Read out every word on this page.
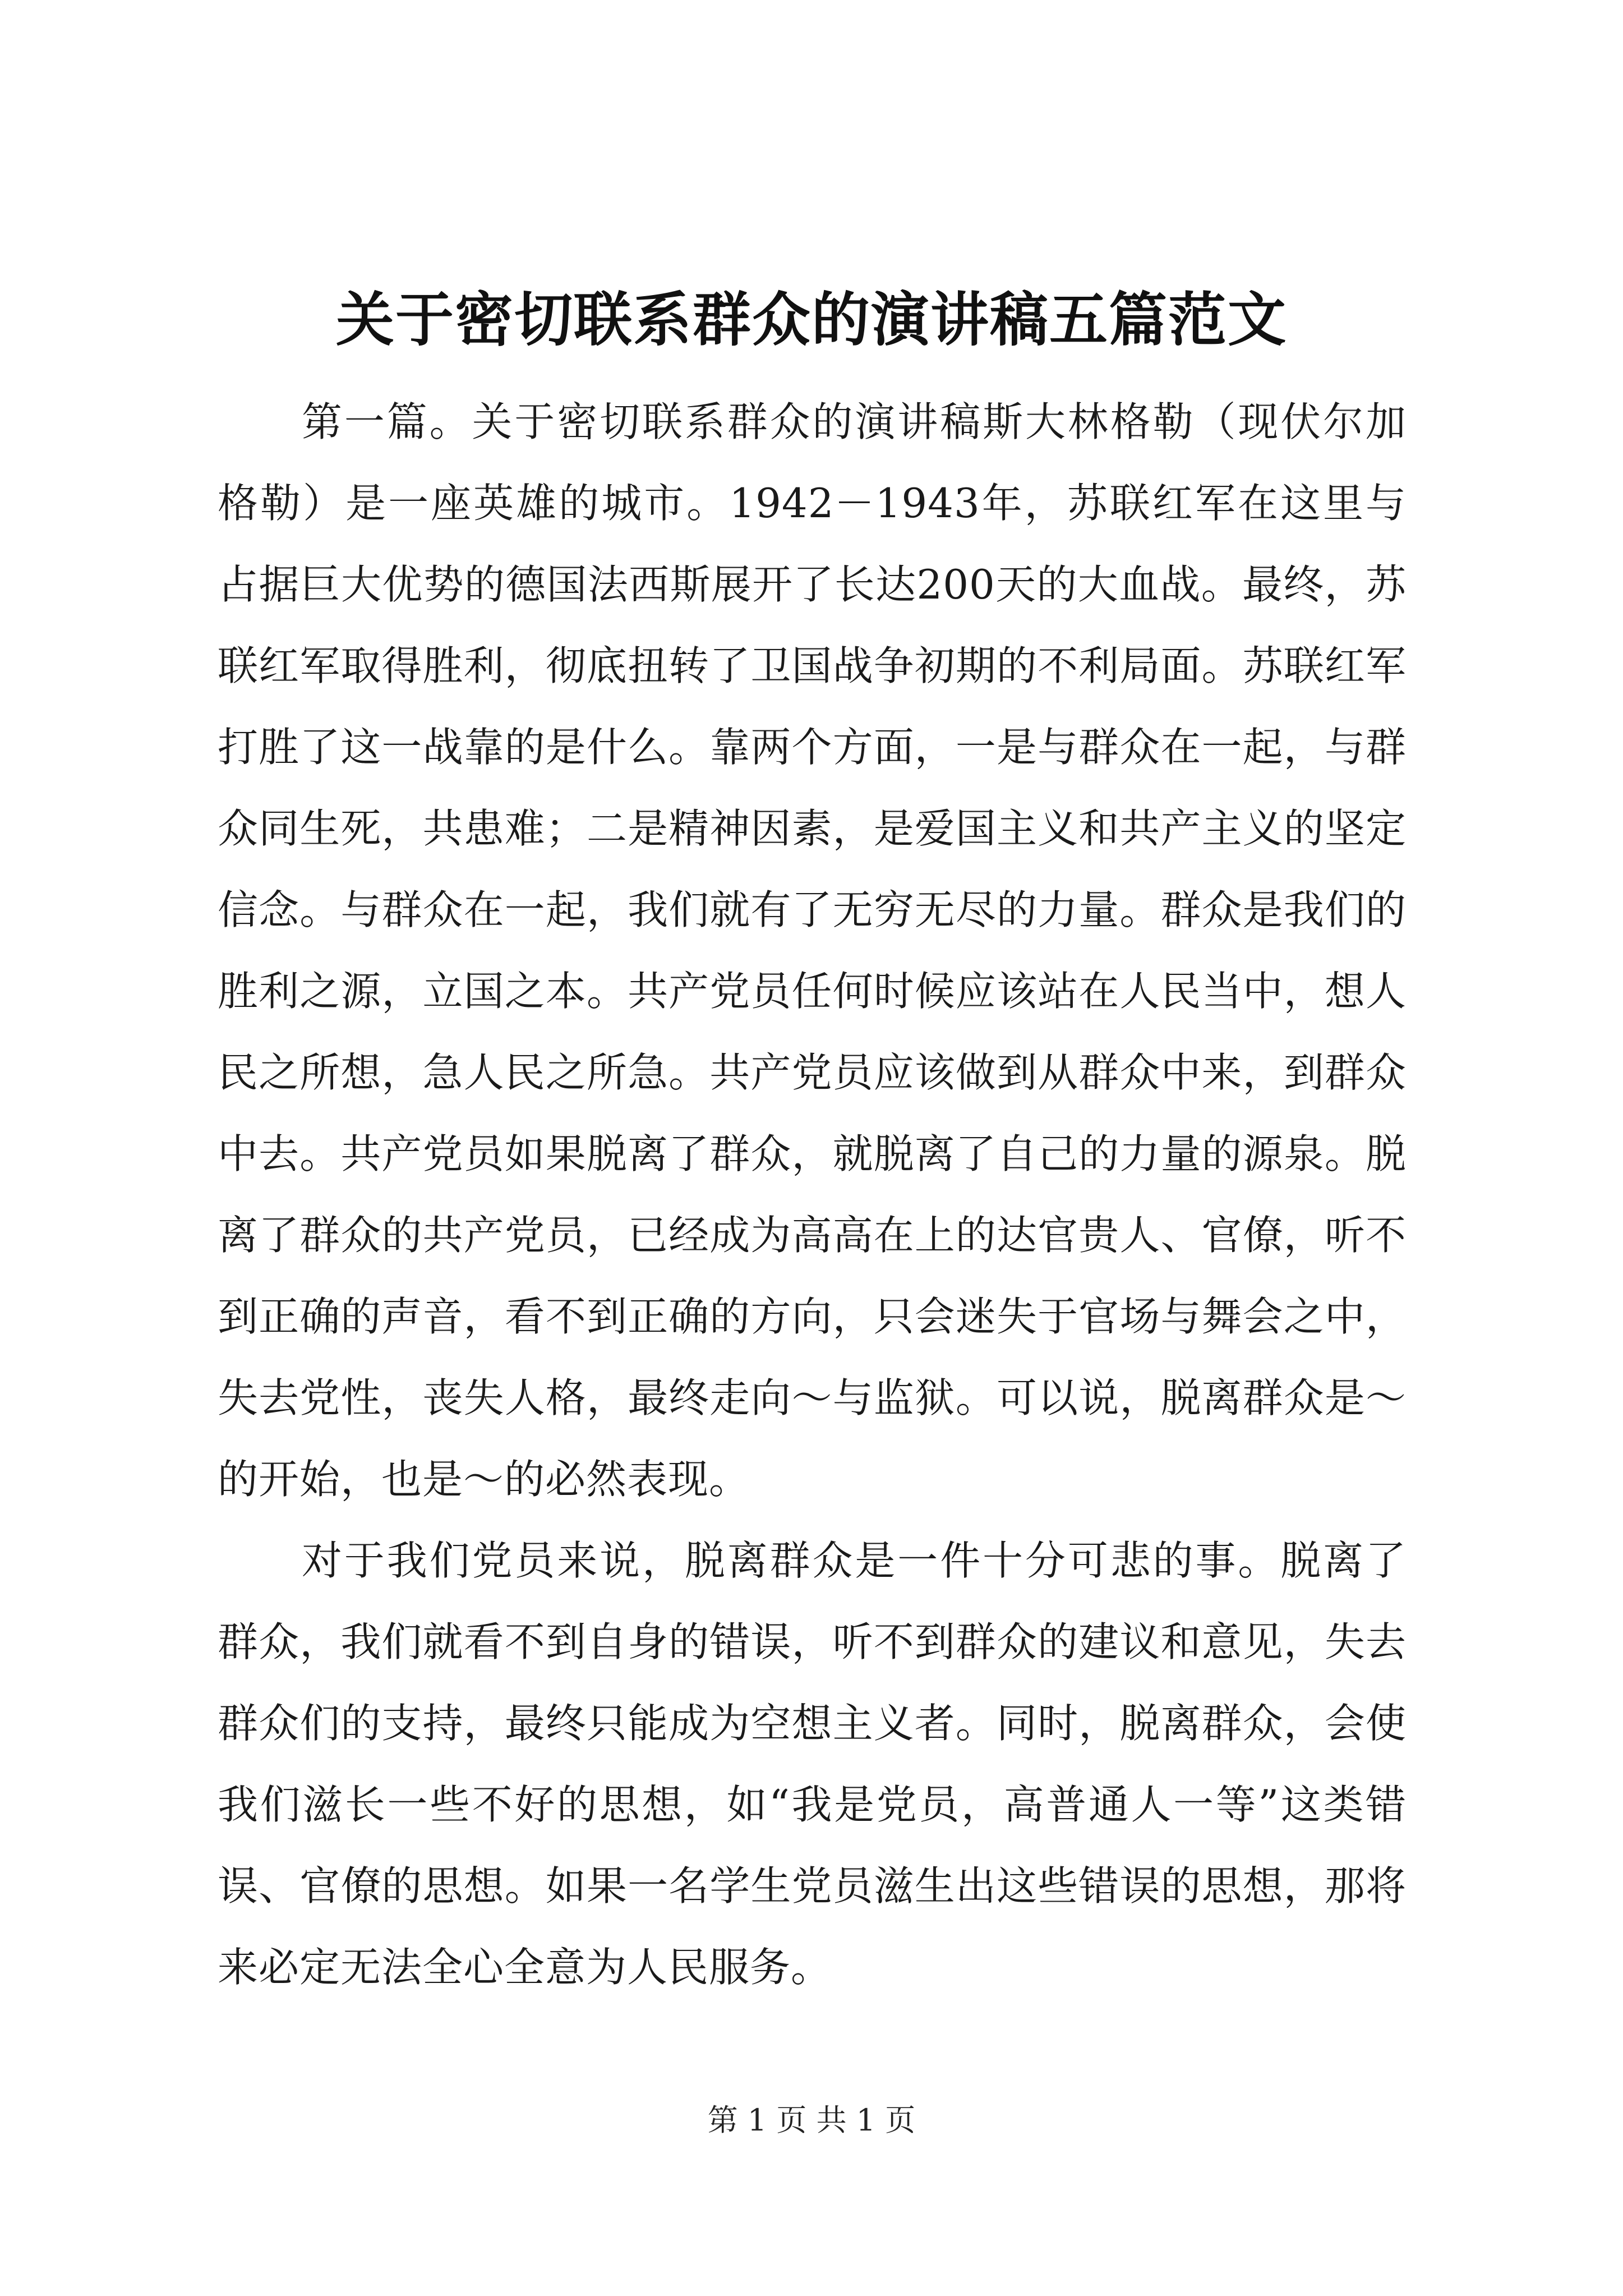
关于密切联系群众的演讲稿五篇范文

第一篇。关于密切联系群众的演讲稿斯大林格勒（现伏尔加格勒）是一座英雄的城市。1942－1943年，苏联红军在这里与占据巨大优势的德国法西斯展开了长达200天的大血战。最终，苏联红军取得胜利，彻底扭转了卫国战争初期的不利局面。苏联红军打胜了这一战靠的是什么。靠两个方面，一是与群众在一起，与群众同生死，共患难；二是精神因素，是爱国主义和共产主义的坚定信念。与群众在一起，我们就有了无穷无尽的力量。群众是我们的胜利之源，立国之本。共产党员任何时候应该站在人民当中，想人民之所想，急人民之所急。共产党员应该做到从群众中来，到群众中去。共产党员如果脱离了群众，就脱离了自己的力量的源泉。脱离了群众的共产党员，已经成为高高在上的达官贵人、官僚，听不到正确的声音，看不到正确的方向，只会迷失于官场与舞会之中，失去党性，丧失人格，最终走向～与监狱。可以说，脱离群众是～的开始，也是～的必然表现。

对于我们党员来说，脱离群众是一件十分可悲的事。脱离了群众，我们就看不到自身的错误，听不到群众的建议和意见，失去群众们的支持，最终只能成为空想主义者。同时，脱离群众，会使我们滋长一些不好的思想，如“我是党员，高普通人一等”这类错误、官僚的思想。如果一名学生党员滋生出这些错误的思想，那将来必定无法全心全意为人民服务。

第 1 页 共 1 页
